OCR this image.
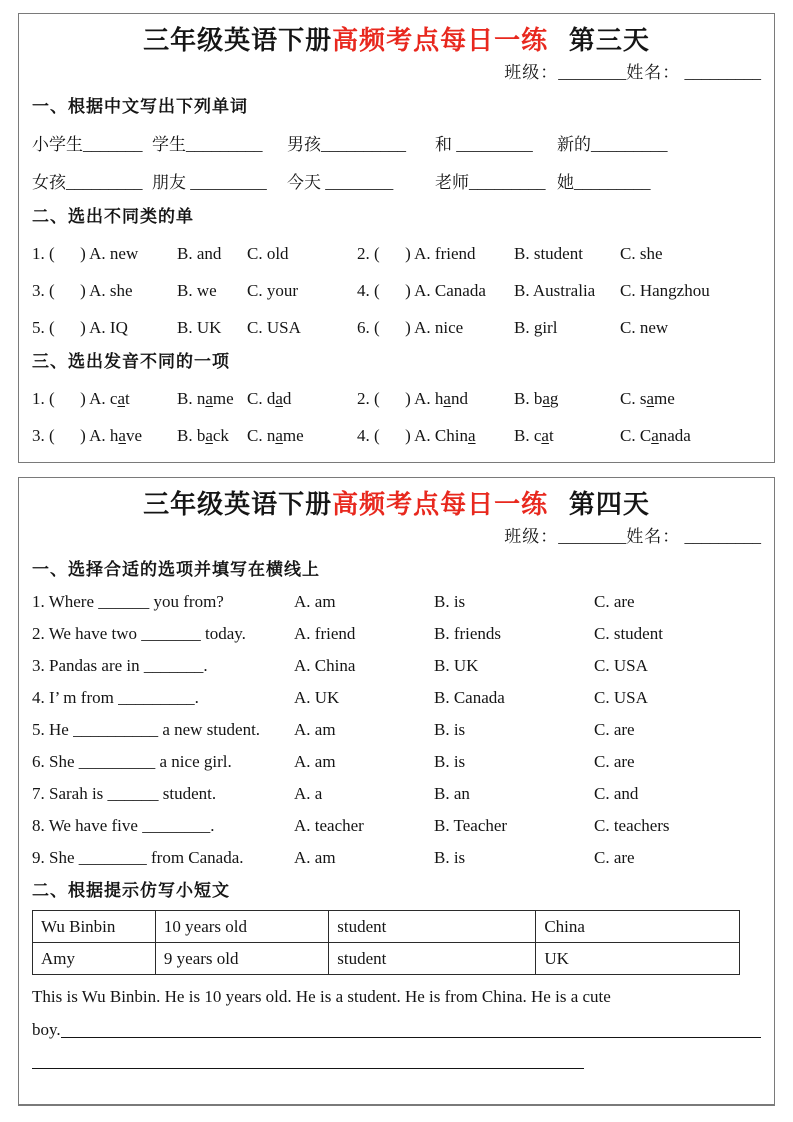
三年级英语下册高频考点每日一练 第三天
班级：________姓名： _________
一、根据中文写出下列单词
小学生_______ 学生_________ 男孩__________ 和 _________ 新的_________
女孩_________ 朋友 _________ 今天 ________ 老师_________ 她_________
二、选出不同类的单
1. (      ) A. new B. and C. old	2. (      ) A. friend B. student C. she
3. (      ) A. she	B. we C. your	4. (      ) A. Canada B. Australia C. Hangzhou
5. (      ) A. IQ	B. UK C. USA	6. (      ) A. nice	B. girl	C. new
三、选出发音不同的一项
1. (      ) A. cat	B. name C. dad	2. (      ) A. hand	B. bag	C. same
3. (      ) A. have B. back C. name	4. (      ) A. China B. cat	C. Canada
三年级英语下册高频考点每日一练 第四天
班级：________姓名： _________
一、选择合适的选项并填写在横线上
1. Where ______ you from?	A. am	B. is	C. are
2. We have two _______ today.	A. friend	B. friends	C. student
3. Pandas are in _______.	A. China	B. UK	C. USA
4. I’ m from _________.	A. UK	B. Canada	C. USA
5. He __________ a new student. A. am	B. is	C. are
6. She _________ a nice girl.	A. am	B. is	C. are
7. Sarah is ______ student.	A. a	B. an	C. and
8. We have five ________.	A. teacher	B. Teacher	C. teachers
9. She ________ from Canada.	A. am	B. is	C. are
二、根据提示仿写小短文
Wu Binbin	10 years old	student	China
Amy	9 years old	student	UK

This is Wu Binbin. He is 10 years old. He is a student. He is from China. He is a cute

boy.
